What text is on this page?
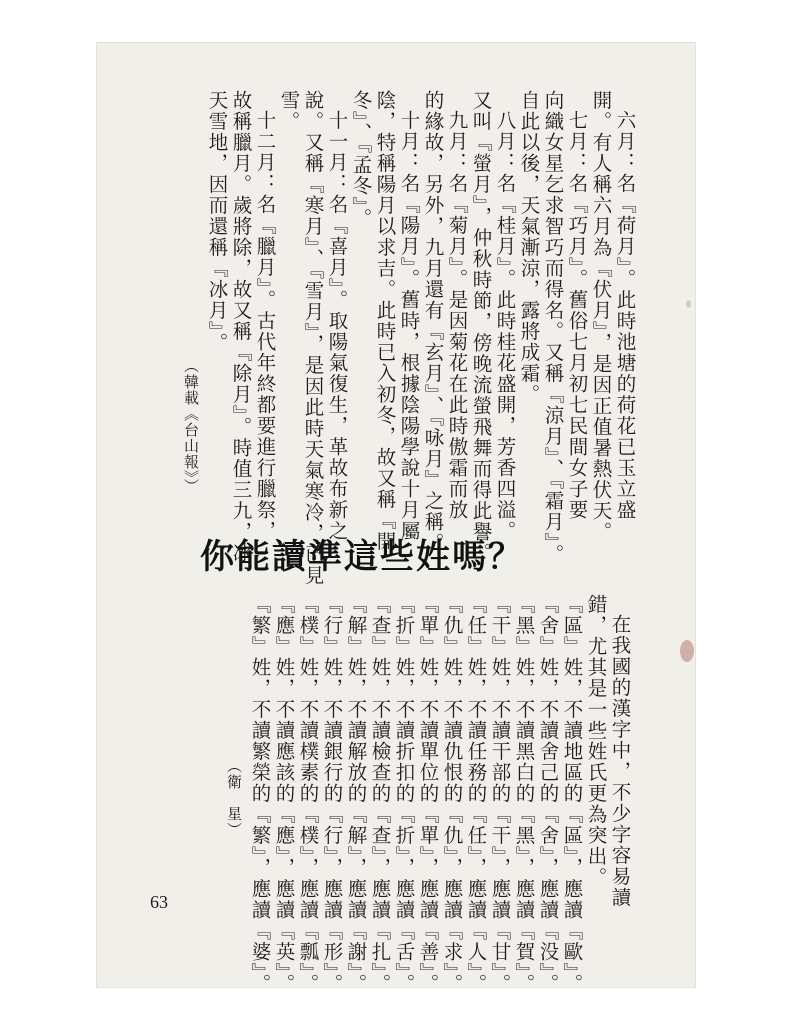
六月：名『荷月』。此時池塘的荷花已玉立盛
開。有人稱六月為『伏月』，是因正值暑熱伏天。
七月：名『巧月』。舊俗七月初七民間女子要
向織女星乞求智巧而得名。又稱『涼月』、『霜月』。
自此以後，天氣漸涼，露將成霜。
八月：名『桂月』。此時桂花盛開，芳香四溢。
又叫『螢月』，仲秋時節，傍晚流螢飛舞而得此譽。
九月：名『菊月』。是因菊花在此時傲霜而放
的緣故，另外，九月還有『玄月』、『咏月』之稱。
十月：名『陽月』。舊時，根據陰陽學說十月屬
陰，特稱陽月以求吉。此時已入初冬，故又稱『開
冬』、『孟冬』。
十一月：名『喜月』。取陽氣復生，革故布新之
說。又稱『寒月』、『雪月』，是因此時天氣寒冷，已見
雪。
十二月：名『臘月』。古代年終都要進行臘祭，
故稱臘月。歲將除，故又稱『除月』。時值三九，冰
天雪地，因而還稱『冰月』。
（韓載《台山報》）
你能讀準這些姓嗎？
在我國的漢字中，不少字容易讀
錯，尤其是一些姓氏更為突出。
『區』姓，不讀地區的『區』，應讀『歐』。
『舍』姓，不讀舍己的『舍』，應讀『没』。
『黑』姓，不讀黑白的『黑』，應讀『賀』。
『干』姓，不讀干部的『干』，應讀『甘』。
『任』姓，不讀任務的『任』，應讀『人』。
『仇』姓，不讀仇恨的『仇』，應讀『求』。
『單』姓，不讀單位的『單』，應讀『善』。
『折』姓，不讀折扣的『折』，應讀『舌』。
『查』姓，不讀檢查的『查』，應讀『扎』。
『解』姓，不讀解放的『解』，應讀『謝』。
『行』姓，不讀銀行的『行』，應讀『形』。
『樸』姓，不讀樸素的『樸』，應讀『瓢』。
『應』姓，不讀應該的『應』，應讀『英』。
『繁』姓，不讀繁榮的『繁』，應讀『婆』。
（衛　星）
63
